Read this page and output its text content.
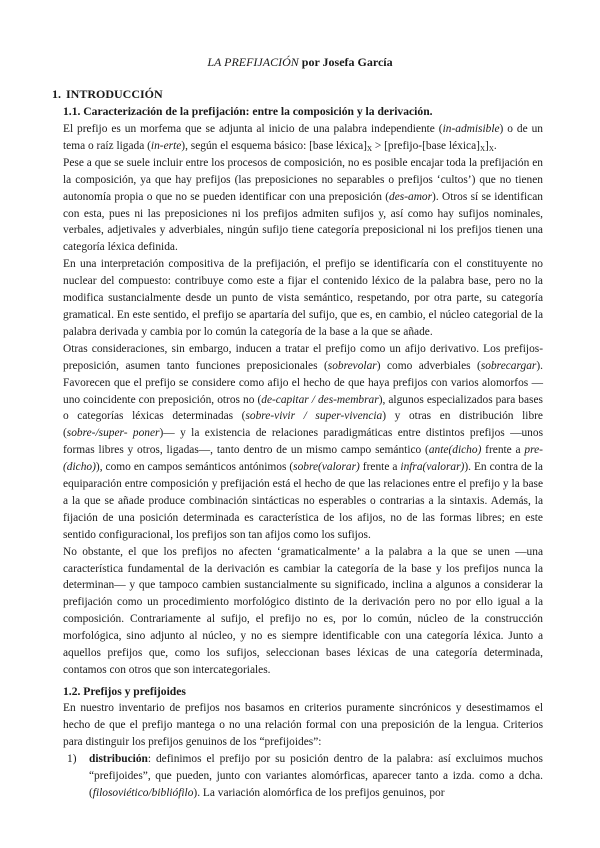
LA PREFIJACIÓN por Josefa García
1. INTRODUCCIÓN
1.1. Caracterización de la prefijación: entre la composición y la derivación.

El prefijo es un morfema que se adjunta al inicio de una palabra independiente (in-admisible) o de un tema o raíz ligada (in-erte), según el esquema básico: [base $léxica]_X$ > [prefijo-[base $léxica]_X]_X$.

Pese a que se suele incluir entre los procesos de composición, no es posible encajar toda la prefijación en la composición, ya que hay prefijos (las preposiciones no separables o prefijos ‘cultos’) que no tienen autonomía propia o que no se pueden identificar con una preposición (des-amor). Otros sí se identifican con esta, pues ni las preposiciones ni los prefijos admiten sufijos y, así como hay sufijos nominales, verbales, adjetivales y adverbiales, ningún sufijo tiene categoría preposicional ni los prefijos tienen una categoría léxica definida.

En una interpretación compositiva de la prefijación, el prefijo se identificaría con el constituyente no nuclear del compuesto: contribuye como este a fijar el contenido léxico de la palabra base, pero no la modifica sustancialmente desde un punto de vista semántico, respetando, por otra parte, su categoría gramatical. En este sentido, el prefijo se apartaría del sufijo, que es, en cambio, el núcleo categorial de la palabra derivada y cambia por lo común la categoría de la base a la que se añade.

Otras consideraciones, sin embargo, inducen a tratar el prefijo como un afijo derivativo. Los prefijos-preposición, asumen tanto funciones preposicionales (sobrevolar) como adverbiales (sobrecargar). Favorecen que el prefijo se considere como afijo el hecho de que haya prefijos con varios alomorfos —uno coincidente con preposición, otros no (de-capitar / des-membrar), algunos especializados para bases o categorías léxicas determinadas (sobre-vivir / super-vivencia) y otras en distribución libre (sobre-/super- poner)— y la existencia de relaciones paradigmáticas entre distintos prefijos —unos formas libres y otros, ligadas—, tanto dentro de un mismo campo semántico (ante(dicho) frente a pre-(dicho)), como en campos semánticos antónimos (sobre(valorar) frente a infra(valorar)). En contra de la equiparación entre composición y prefijación está el hecho de que las relaciones entre el prefijo y la base a la que se añade produce combinación sintácticas no esperables o contrarias a la sintaxis. Además, la fijación de una posición determinada es característica de los afijos, no de las formas libres; en este sentido configuracional, los prefijos son tan afijos como los sufijos.

No obstante, el que los prefijos no afecten ‘gramaticalmente’ a la palabra a la que se unen —una característica fundamental de la derivación es cambiar la categoría de la base y los prefijos nunca la determinan— y que tampoco cambien sustancialmente su significado, inclina a algunos a considerar la prefijación como un procedimiento morfológico distinto de la derivación pero no por ello igual a la composición. Contrariamente al sufijo, el prefijo no es, por lo común, núcleo de la construcción morfológica, sino adjunto al núcleo, y no es siempre identificable con una categoría léxica. Junto a aquellos prefijos que, como los sufijos, seleccionan bases léxicas de una categoría determinada, contamos con otros que son intercategoriales.

1.2. Prefijos y prefijoides

En nuestro inventario de prefijos nos basamos en criterios puramente sincrónicos y desestimamos el hecho de que el prefijo mantega o no una relación formal con una preposición de la lengua. Criterios para distinguir los prefijos genuinos de los “prefijoides”:

1) distribución: definimos el prefijo por su posición dentro de la palabra: así excluimos muchos “prefijoides”, que pueden, junto con variantes alomórficas, aparecer tanto a izda. como a dcha. (filosoviético/bibliófilo). La variación alomórfica de los prefijos genuinos, por
